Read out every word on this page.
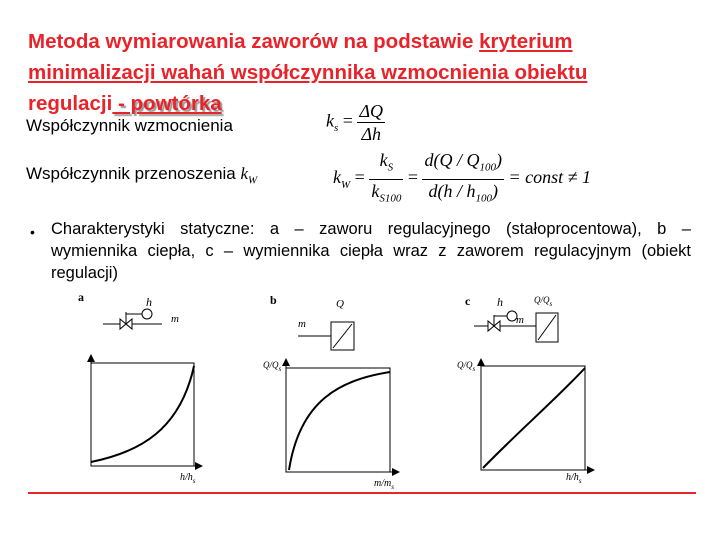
Metoda wymiarowania zaworów na podstawie kryterium
minimalizacji wahań współczynnika wzmocnienia obiektu
regulacji - powtórka

Współczynnik wzmocnienia	$k_s = \frac{\Delta Q}{\Delta h}$

Współczynnik przenoszenia $k_W$	$k_W = \frac{k_S}{k_{S100}} = \frac{d(Q / Q_{100})}{d(h / h_{100})}$ = const ≠ 1
• Charakterystyki statyczne: a – zaworu regulacyjnego (stałoprocentowa), b – wymiennika ciepła, c – wymiennika ciepła wraz z zaworem regulacyjnym (obiekt regulacji)

a	h
m
$h/h_s$
b	Q
m
$Q/Q_s$
$m/m_s$
c h	$Q/Q_s$
m
$Q/Q_s$
$h/h_s$
